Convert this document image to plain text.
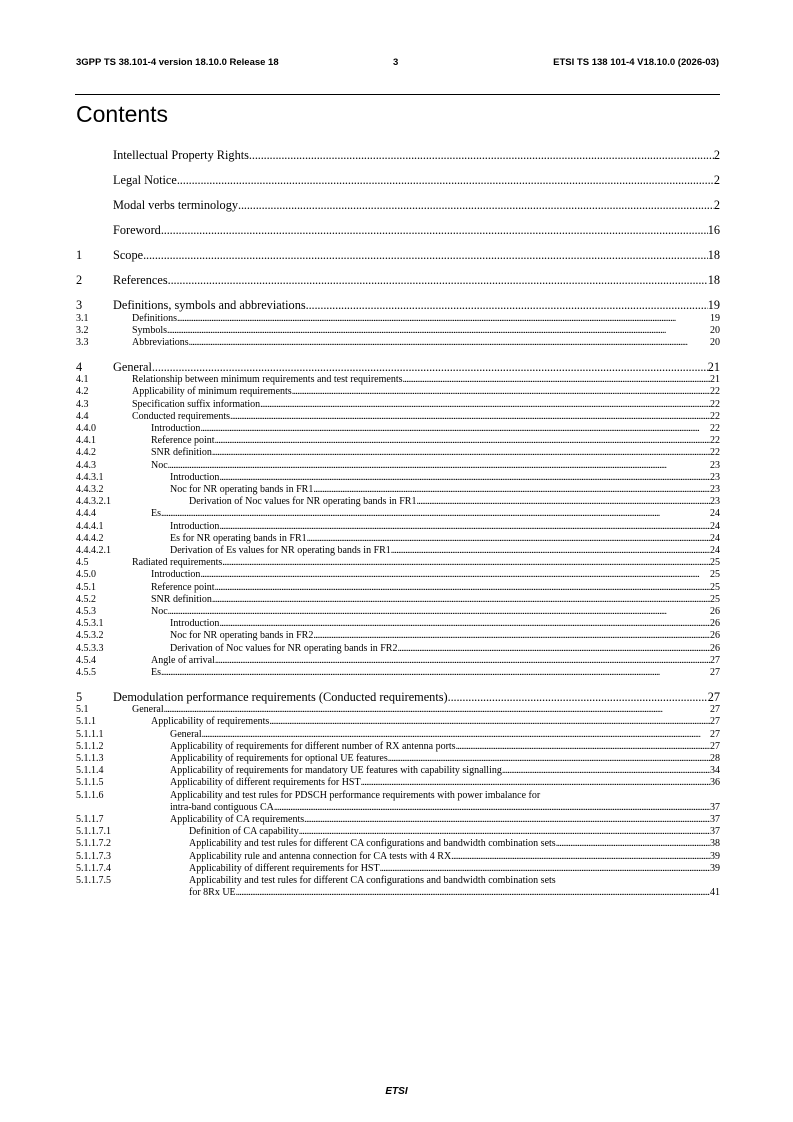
3GPP TS 38.101-4 version 18.10.0 Release 18	3	ETSI TS 138 101-4 V18.10.0 (2026-03)
Contents
Intellectual Property Rights . . .	2
Legal Notice . . .	2
Modal verbs terminology . . .	2
Foreword . . .	16
1	Scope . . .	18
2	References . . .	18
3	Definitions, symbols and abbreviations . . .	19
3.1	Definitions . . .	19
3.2	Symbols . . .	20
3.3	Abbreviations . . .	20
4	General . . .	21
4.1	Relationship between minimum requirements and test requirements . . .	21
4.2	Applicability of minimum requirements . . .	22
4.3	Specification suffix information . . .	22
4.4	Conducted requirements . . .	22
4.4.0	Introduction . . .	22
4.4.1	Reference point . . .	22
4.4.2	SNR definition . . .	22
4.4.3	Noc . . .	23
4.4.3.1	Introduction . . .	23
4.4.3.2	Noc for NR operating bands in FR1 . . .	23
4.4.3.2.1	Derivation of Noc values for NR operating bands in FR1 . . .	23
4.4.4	Es . . .	24
4.4.4.1	Introduction . . .	24
4.4.4.2	Es for NR operating bands in FR1 . . .	24
4.4.4.2.1	Derivation of Es values for NR operating bands in FR1 . . .	24
4.5	Radiated requirements . . .	25
4.5.0	Introduction . . .	25
4.5.1	Reference point . . .	25
4.5.2	SNR definition . . .	25
4.5.3	Noc . . .	26
4.5.3.1	Introduction . . .	26
4.5.3.2	Noc for NR operating bands in FR2 . . .	26
4.5.3.3	Derivation of Noc values for NR operating bands in FR2 . . .	26
4.5.4	Angle of arrival . . .	27
4.5.5	Es . . .	27
5	Demodulation performance requirements (Conducted requirements) . . .	27
5.1	General . . .	27
5.1.1	Applicability of requirements . . .	27
5.1.1.1	General . . .	27
5.1.1.2	Applicability of requirements for different number of RX antenna ports . . .	27
5.1.1.3	Applicability of requirements for optional UE features . . .	28
5.1.1.4	Applicability of requirements for mandatory UE features with capability signalling . . .	34
5.1.1.5	Applicability of different requirements for HST . . .	36
5.1.1.6	Applicability and test rules for PDSCH performance requirements with power imbalance for
intra-band contiguous CA . . .	37
5.1.1.7	Applicability of CA requirements . . .	37
5.1.1.7.1	Definition of CA capability . . .	37
5.1.1.7.2	Applicability and test rules for different CA configurations and bandwidth combination sets . . .	38
5.1.1.7.3	Applicability rule and antenna connection for CA tests with 4 RX . . .	39
5.1.1.7.4	Applicability of different requirements for HST . . .	39
5.1.1.7.5	Applicability and test rules for different CA configurations and bandwidth combination sets
for 8Rx UE . . .	41
ETSI
